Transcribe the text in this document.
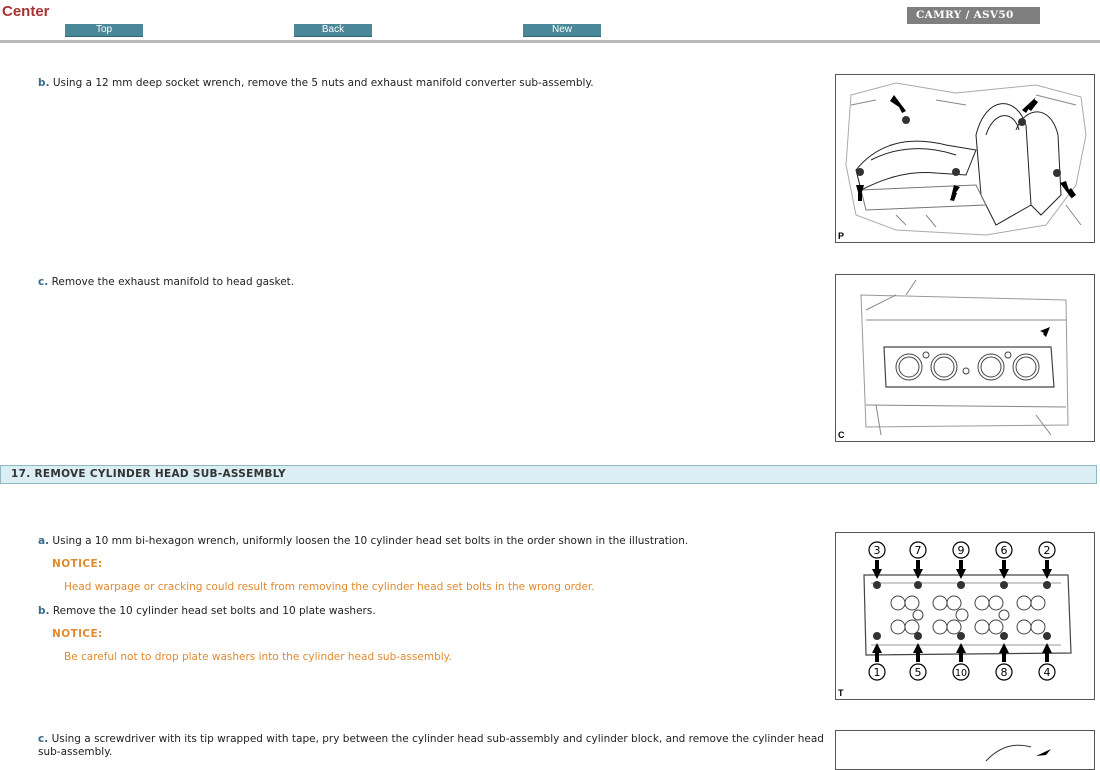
Center
Top	Back	New
CAMRY / ASV50
b. Using a 12 mm deep socket wrench, remove the 5 nuts and exhaust manifold converter sub-assembly.
P
c. Remove the exhaust manifold to head gasket.
C
17. REMOVE CYLINDER HEAD SUB-ASSEMBLY
a. Using a 10 mm bi-hexagon wrench, uniformly loosen the 10 cylinder head set bolts in the order shown in the illustration.
NOTICE:
Head warpage or cracking could result from removing the cylinder head set bolts in the wrong order.
b. Remove the 10 cylinder head set bolts and 10 plate washers.
NOTICE:
Be careful not to drop plate washers into the cylinder head sub-assembly.
3	7	9	6	2
1	5	10	8	4
T
c. Using a screwdriver with its tip wrapped with tape, pry between the cylinder head sub-assembly and cylinder block, and remove the cylinder head sub-assembly.
